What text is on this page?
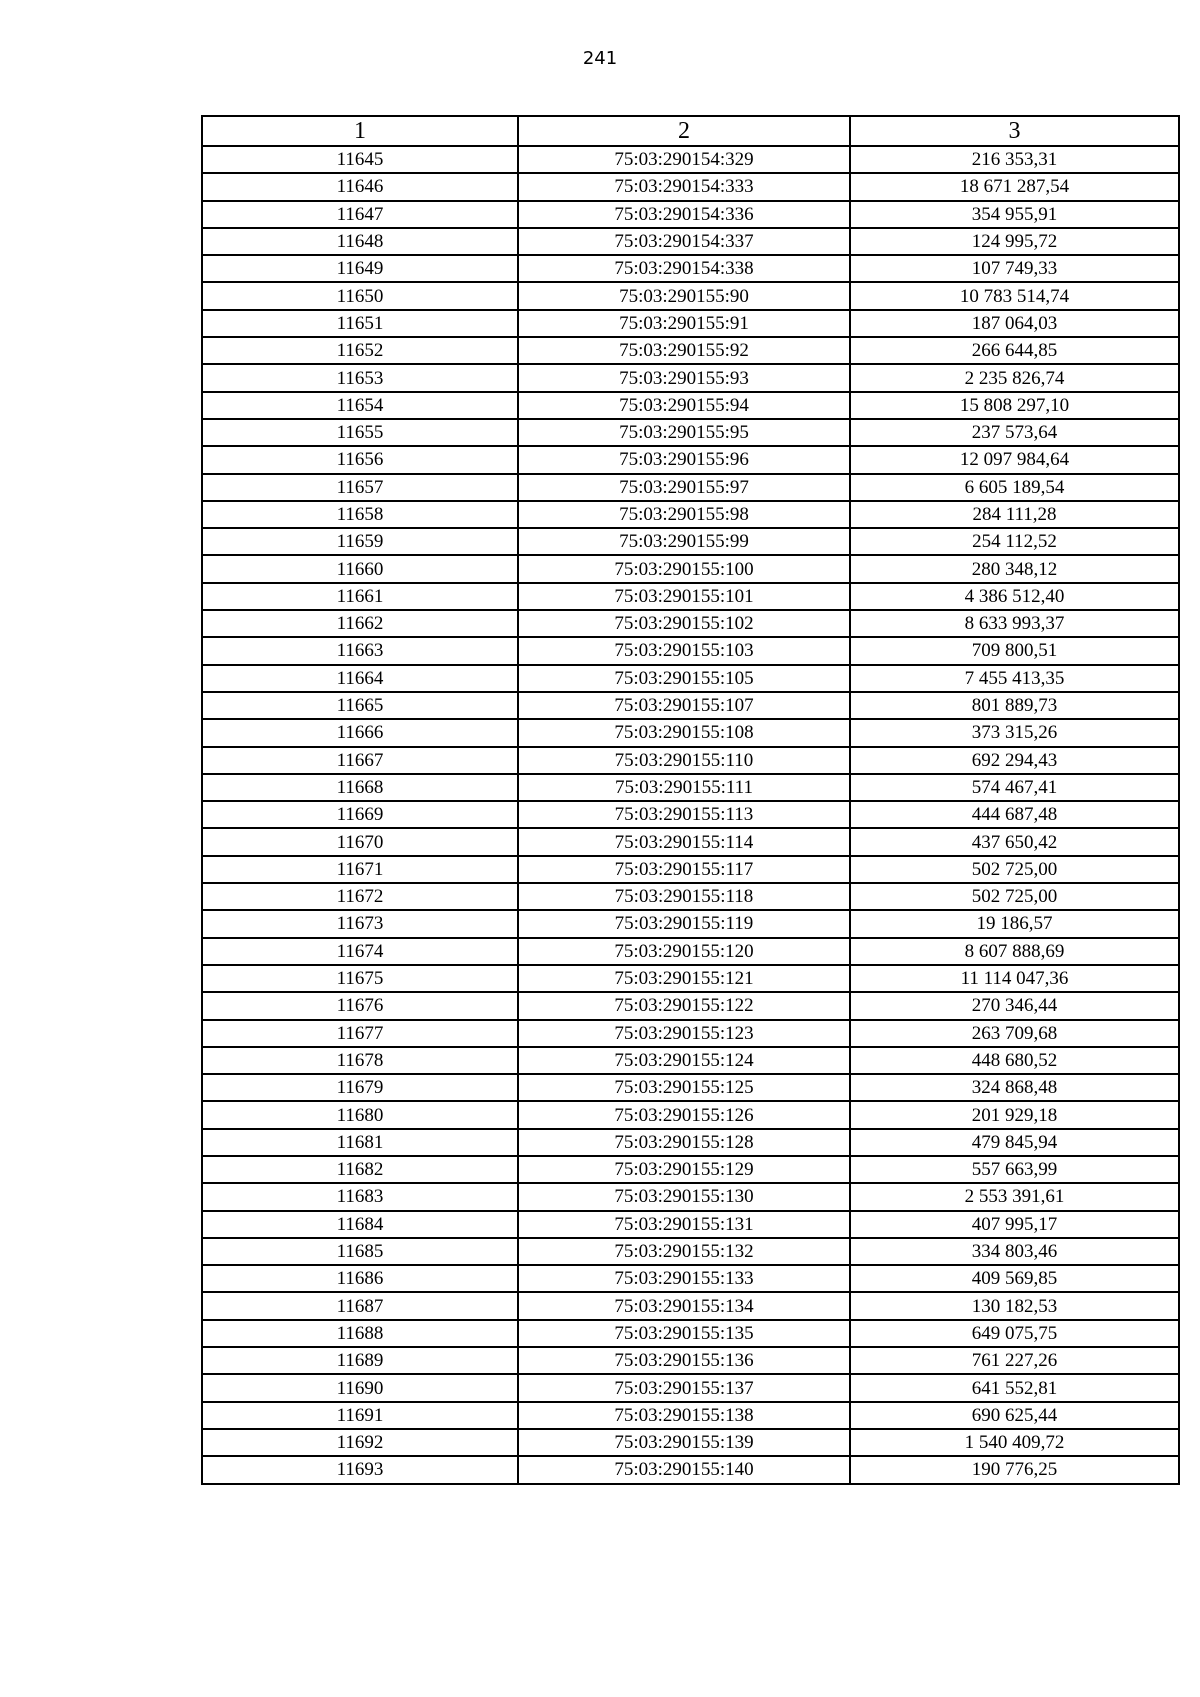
241
1	2	3
11645	75:03:290154:329	216 353,31
11646	75:03:290154:333	18 671 287,54
11647	75:03:290154:336	354 955,91
11648	75:03:290154:337	124 995,72
11649	75:03:290154:338	107 749,33
11650	75:03:290155:90	10 783 514,74
11651	75:03:290155:91	187 064,03
11652	75:03:290155:92	266 644,85
11653	75:03:290155:93	2 235 826,74
11654	75:03:290155:94	15 808 297,10
11655	75:03:290155:95	237 573,64
11656	75:03:290155:96	12 097 984,64
11657	75:03:290155:97	6 605 189,54
11658	75:03:290155:98	284 111,28
11659	75:03:290155:99	254 112,52
11660	75:03:290155:100	280 348,12
11661	75:03:290155:101	4 386 512,40
11662	75:03:290155:102	8 633 993,37
11663	75:03:290155:103	709 800,51
11664	75:03:290155:105	7 455 413,35
11665	75:03:290155:107	801 889,73
11666	75:03:290155:108	373 315,26
11667	75:03:290155:110	692 294,43
11668	75:03:290155:111	574 467,41
11669	75:03:290155:113	444 687,48
11670	75:03:290155:114	437 650,42
11671	75:03:290155:117	502 725,00
11672	75:03:290155:118	502 725,00
11673	75:03:290155:119	19 186,57
11674	75:03:290155:120	8 607 888,69
11675	75:03:290155:121	11 114 047,36
11676	75:03:290155:122	270 346,44
11677	75:03:290155:123	263 709,68
11678	75:03:290155:124	448 680,52
11679	75:03:290155:125	324 868,48
11680	75:03:290155:126	201 929,18
11681	75:03:290155:128	479 845,94
11682	75:03:290155:129	557 663,99
11683	75:03:290155:130	2 553 391,61
11684	75:03:290155:131	407 995,17
11685	75:03:290155:132	334 803,46
11686	75:03:290155:133	409 569,85
11687	75:03:290155:134	130 182,53
11688	75:03:290155:135	649 075,75
11689	75:03:290155:136	761 227,26
11690	75:03:290155:137	641 552,81
11691	75:03:290155:138	690 625,44
11692	75:03:290155:139	1 540 409,72
11693	75:03:290155:140	190 776,25
